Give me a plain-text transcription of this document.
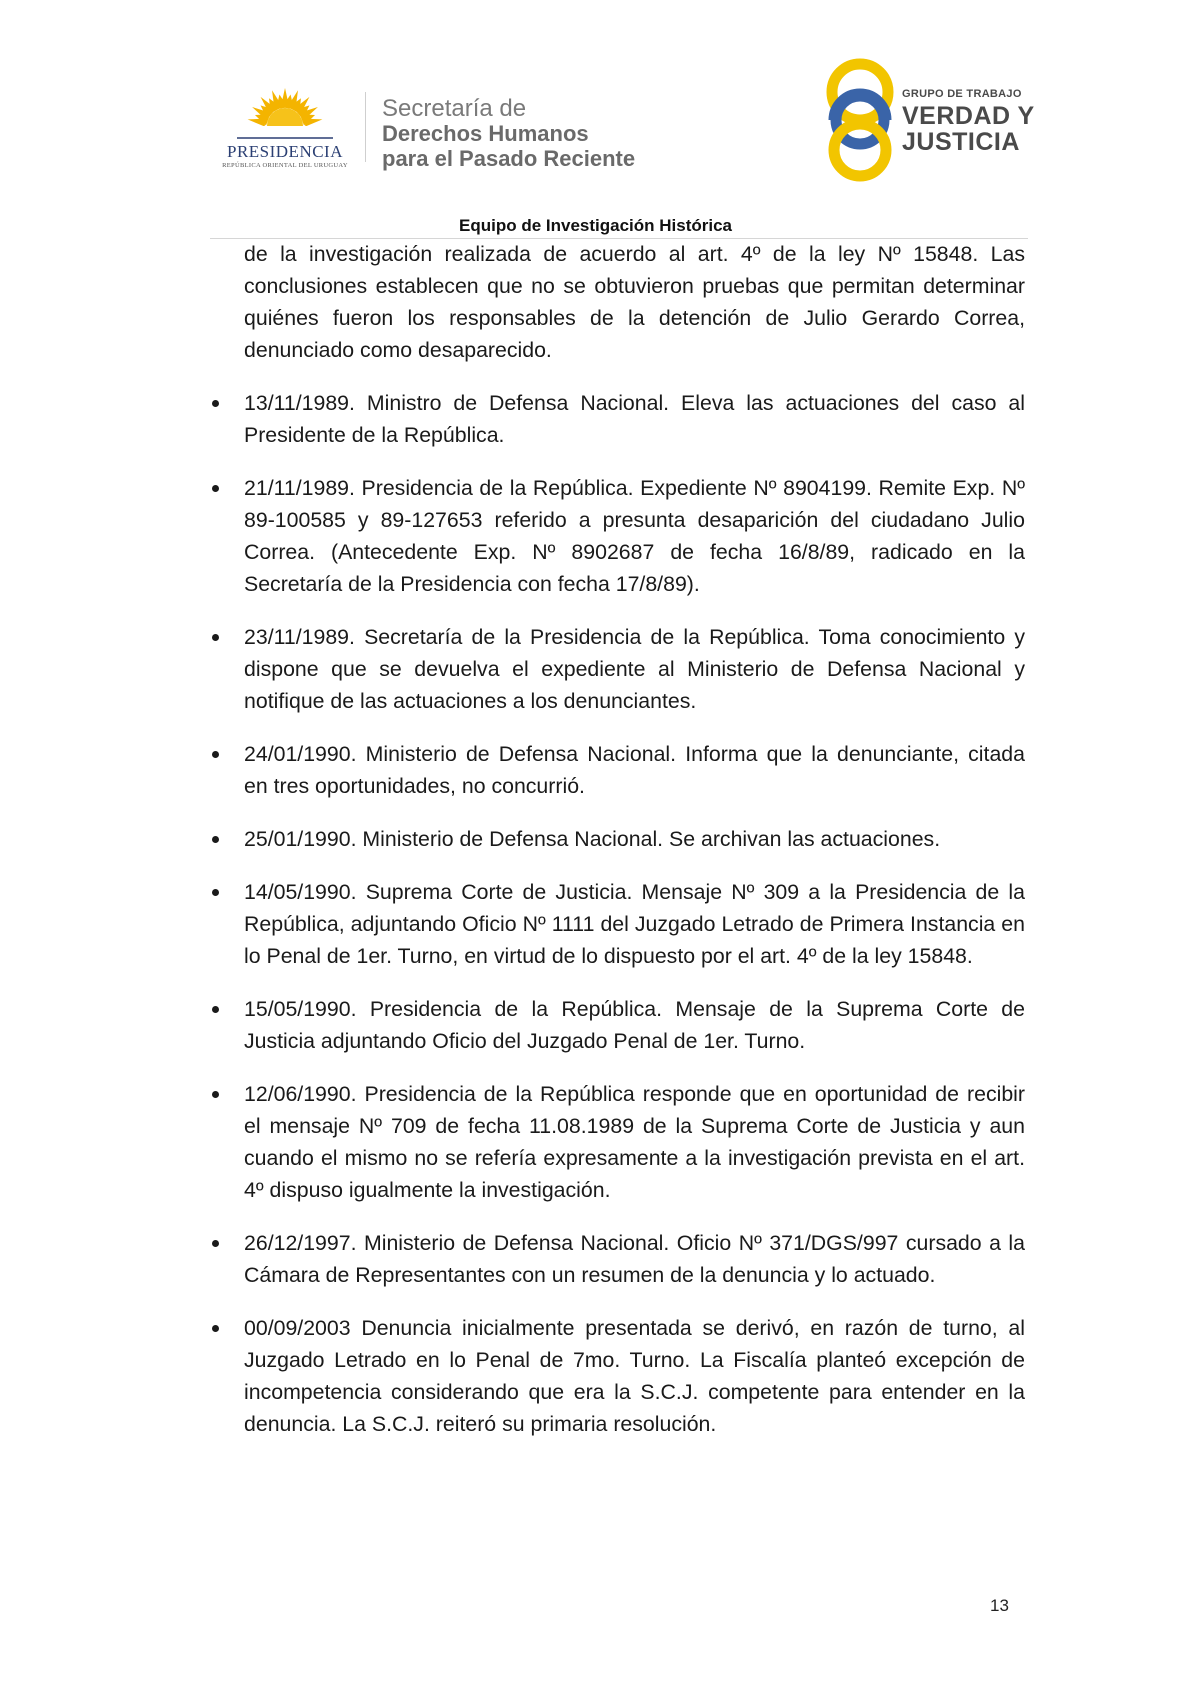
PRESIDENCIA
REPÚBLICA ORIENTAL DEL URUGUAY
Secretaría de
Derechos Humanos
para el Pasado Reciente
GRUPO DE TRABAJO
VERDAD Y
JUSTICIA
Equipo de Investigación Histórica

de la investigación realizada de acuerdo al art. 4º de la ley Nº 15848. Las conclusiones establecen que no se obtuvieron pruebas que permitan determinar quiénes fueron los responsables de la detención de Julio Gerardo Correa, denunciado como desaparecido.

13/11/1989. Ministro de Defensa Nacional. Eleva las actuaciones del caso al Presidente de la República.

21/11/1989. Presidencia de la República. Expediente Nº 8904199. Remite Exp. Nº 89-100585 y 89-127653 referido a presunta desaparición del ciudadano Julio Correa. (Antecedente Exp. Nº 8902687 de fecha 16/8/89, radicado en la Secretaría de la Presidencia con fecha 17/8/89).

23/11/1989. Secretaría de la Presidencia de la República. Toma conocimiento y dispone que se devuelva el expediente al Ministerio de Defensa Nacional y notifique de las actuaciones a los denunciantes.

24/01/1990. Ministerio de Defensa Nacional. Informa que la denunciante, citada en tres oportunidades, no concurrió.

25/01/1990. Ministerio de Defensa Nacional. Se archivan las actuaciones.

14/05/1990. Suprema Corte de Justicia. Mensaje Nº 309 a la Presidencia de la República, adjuntando Oficio Nº 1111 del Juzgado Letrado de Primera Instancia en lo Penal de 1er. Turno, en virtud de lo dispuesto por el art. 4º de la ley 15848.

15/05/1990. Presidencia de la República. Mensaje de la Suprema Corte de Justicia adjuntando Oficio del Juzgado Penal de 1er. Turno.

12/06/1990. Presidencia de la República responde que en oportunidad de recibir el mensaje Nº 709 de fecha 11.08.1989 de la Suprema Corte de Justicia y aun cuando el mismo no se refería expresamente a la investigación prevista en el art. 4º dispuso igualmente la investigación.

26/12/1997. Ministerio de Defensa Nacional. Oficio Nº 371/DGS/997 cursado a la Cámara de Representantes con un resumen de la denuncia y lo actuado.

00/09/2003 Denuncia inicialmente presentada se derivó, en razón de turno, al Juzgado Letrado en lo Penal de 7mo. Turno. La Fiscalía planteó excepción de incompetencia considerando que era la S.C.J. competente para entender en la denuncia. La S.C.J. reiteró su primaria resolución.

13
